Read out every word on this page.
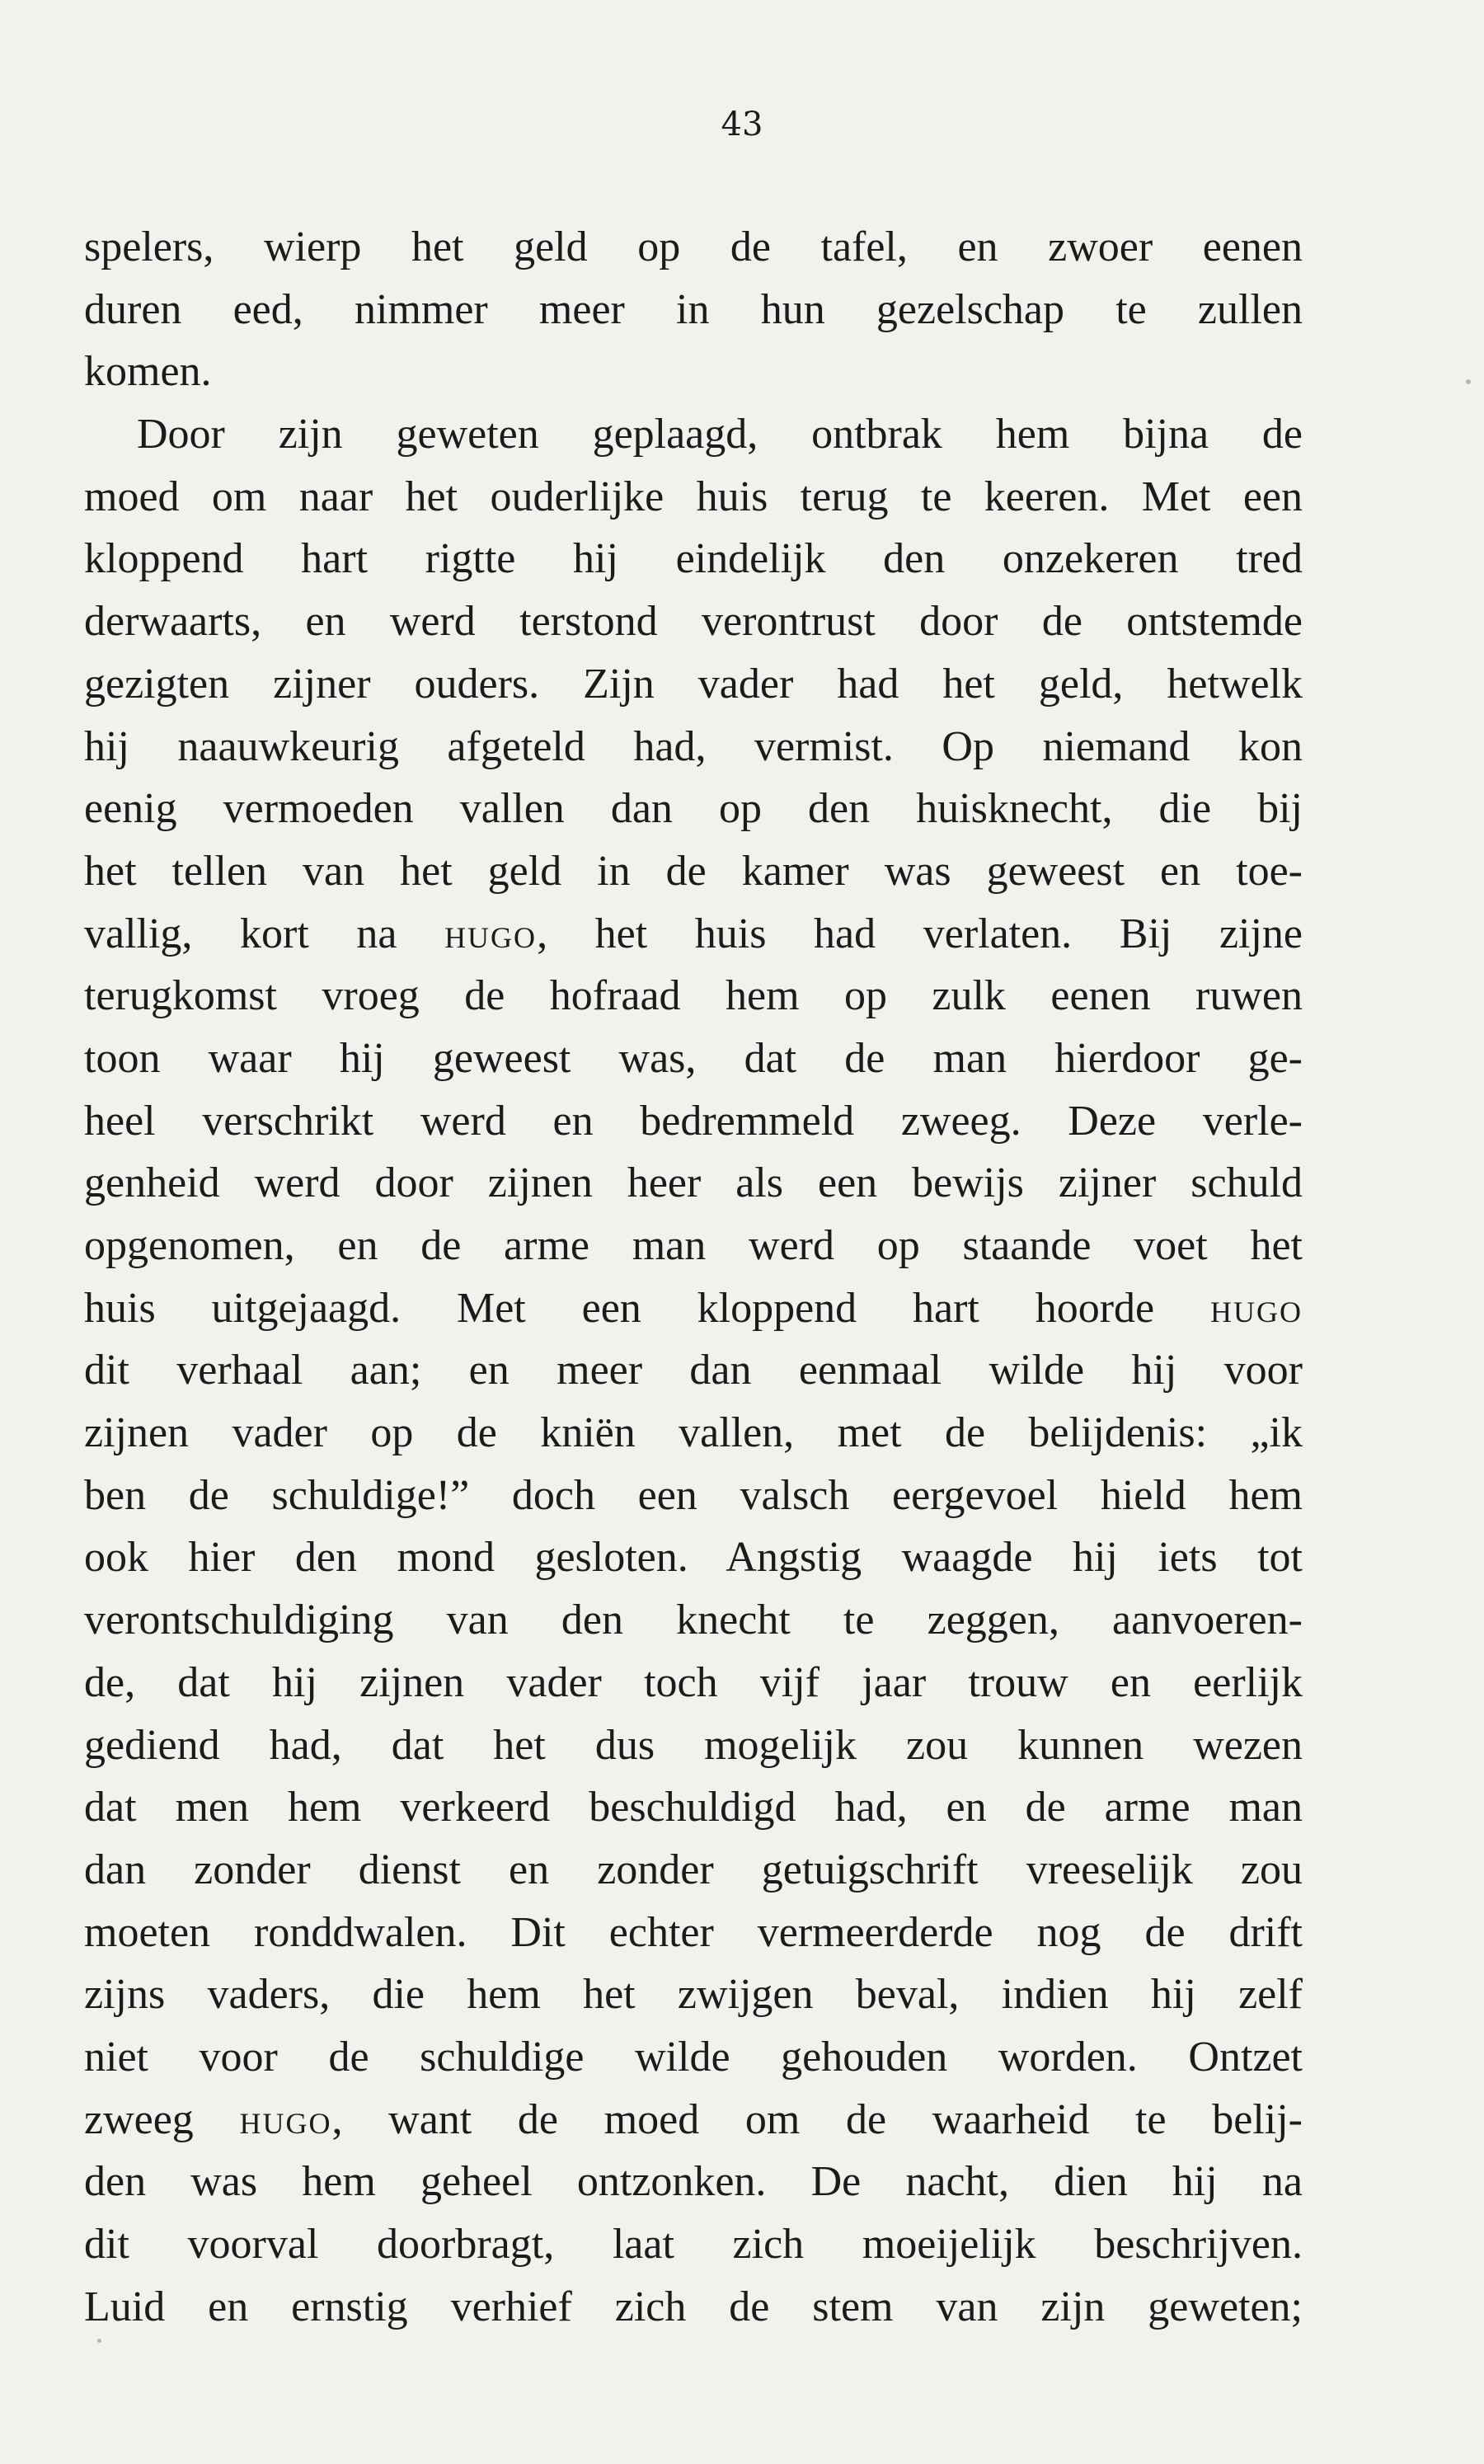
43
spelers, wierp het geld op de tafel, en zwoer eenen
duren eed, nimmer meer in hun gezelschap te zullen
komen.
Door zijn geweten geplaagd, ontbrak hem bijna de
moed om naar het ouderlijke huis terug te keeren. Met een
kloppend hart rigtte hij eindelijk den onzekeren tred
derwaarts, en werd terstond verontrust door de ontstemde
gezigten zijner ouders. Zijn vader had het geld, hetwelk
hij naauwkeurig afgeteld had, vermist. Op niemand kon
eenig vermoeden vallen dan op den huisknecht, die bij
het tellen van het geld in de kamer was geweest en toe-
vallig, kort na hugo, het huis had verlaten. Bij zijne
terugkomst vroeg de hofraad hem op zulk eenen ruwen
toon waar hij geweest was, dat de man hierdoor ge-
heel verschrikt werd en bedremmeld zweeg. Deze verle-
genheid werd door zijnen heer als een bewijs zijner schuld
opgenomen, en de arme man werd op staande voet het
huis uitgejaagd. Met een kloppend hart hoorde hugo
dit verhaal aan; en meer dan eenmaal wilde hij voor
zijnen vader op de kniën vallen, met de belijdenis: „ik
ben de schuldige!” doch een valsch eergevoel hield hem
ook hier den mond gesloten. Angstig waagde hij iets tot
verontschuldiging van den knecht te zeggen, aanvoeren-
de, dat hij zijnen vader toch vijf jaar trouw en eerlijk
gediend had, dat het dus mogelijk zou kunnen wezen
dat men hem verkeerd beschuldigd had, en de arme man
dan zonder dienst en zonder getuigschrift vreeselijk zou
moeten ronddwalen. Dit echter vermeerderde nog de drift
zijns vaders, die hem het zwijgen beval, indien hij zelf
niet voor de schuldige wilde gehouden worden. Ontzet
zweeg hugo, want de moed om de waarheid te belij-
den was hem geheel ontzonken. De nacht, dien hij na
dit voorval doorbragt, laat zich moeijelijk beschrijven.
Luid en ernstig verhief zich de stem van zijn geweten;
